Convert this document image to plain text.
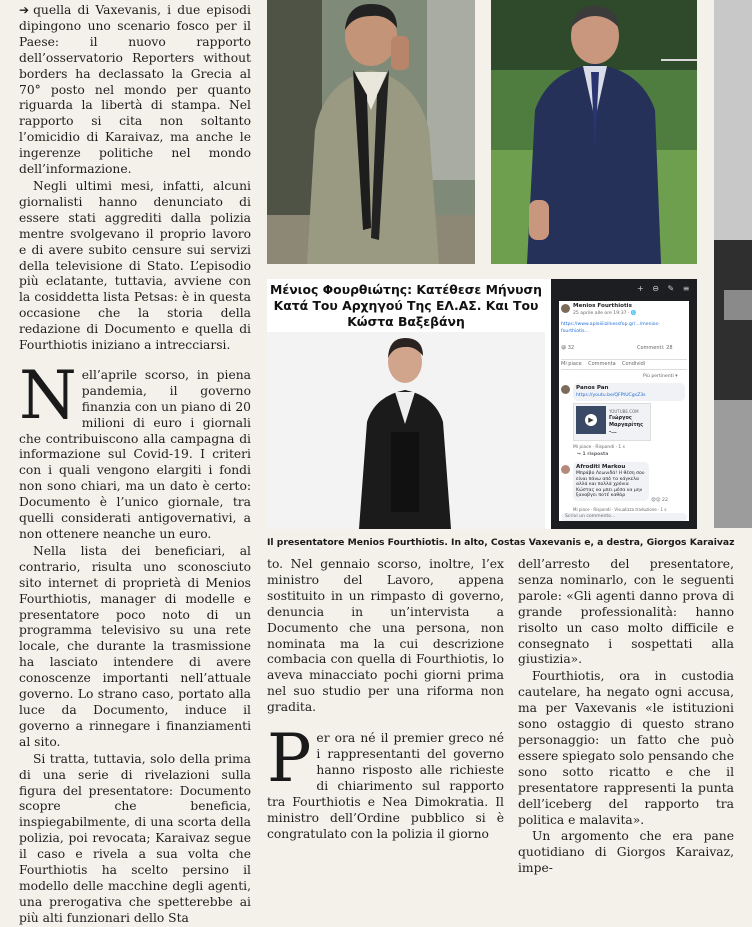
➔ quella di Vaxevanis, i due episodi dipingono uno scenario fosco per il Paese: il nuovo rapporto dell’osservatorio Reporters without borders ha declassato la Grecia al 70° posto nel mondo per quanto riguarda la libertà di stampa. Nel rapporto si cita non soltanto l’omicidio di Karaivaz, ma anche le ingerenze politiche nel mondo dell’informazione.

Negli ultimi mesi, infatti, alcuni giornalisti hanno denunciato di essere stati aggrediti dalla polizia mentre svolgevano il proprio lavoro e di avere subito censure sui servizi della televisione di Stato. L’episodio più eclatante, tuttavia, avviene con la cosiddetta lista Petsas: è in questa occasione che la storia della redazione di Documento e quella di Fourthiotis iniziano a intrecciarsi.

N ell’aprile scorso, in piena pandemia, il governo finanzia con un piano di 20 milioni di euro i giornali che contribuiscono alla campagna di informazione sul Covid-19. I criteri con i quali vengono elargiti i fondi non sono chiari, ma un dato è certo: Documento è l’unico giornale, tra quelli considerati antigovernativi, a non ottenere neanche un euro.

Nella lista dei beneficiari, al contrario, risulta uno sconosciuto sito internet di proprietà di Menios Fourthiotis, manager di modelle e presentatore poco noto di un programma televisivo su una rete locale, che durante la trasmissione ha lasciato intendere di avere conoscenze importanti nell’attuale governo. Lo strano caso, portato alla luce da Documento, induce il governo a rinnegare i finanziamenti al sito.

Si tratta, tuttavia, solo della prima di una serie di rivelazioni sulla figura del presentatore: Documento scopre che beneficia, inspiegabilmente, di una scorta della polizia, poi revocata; Karaivaz segue il caso e rivela a sua volta che Fourthiotis ha scelto persino il modello delle macchine degli agenti, una prerogativa che spetterebbe ai più alti funzionari dello Sta

Μένιος Φουρθιώτης: Κατέθεσε Μήνυση Κατά Του Αρχηγού Της ΕΛ.ΑΣ. Και Του Κώστα Βαξεβάνη
+ ⊖ ✎ ≡
Menios Fourthiotis
25 aprile alle ore 19:37 · 🌐
https://www.aploiiiizilnessfop.gr/.../menios-fourthiotis...
😆 32	Commenti: 28
Mi piace Commenta Condividi
Più pertinenti ▾
Panos Pan
https://youtu.be/QFPtUCgsZ3s
▶
YOUTUBE.COM
Γιώργος Μαργαρίτης -...
Mi piace · Rispondi · 1 s
↪ 1 risposta
Afroditi Markou
Μπράβο Λεωνιδά! Η θέση σου είναι πάνω από τα κάγκελα αλλά και πολλά χρόνια Κώστας να μπει μέσα να μην ξαναβγει ποτέ καθάρ
😡😮 22
Mi piace · Rispondi · Visualizza traduzione · 1 s
Scrivi un commento...
Il presentatore Menios Fourthiotis. In alto, Costas Vaxevanis e, a destra, Giorgos Karaivaz

to. Nel gennaio scorso, inoltre, l’ex ministro del Lavoro, appena sostituito in un rimpasto di governo, denuncia in un’intervista a Documento che una persona, non nominata ma la cui descrizione combacia con quella di Fourthiotis, lo aveva minacciato pochi giorni prima nel suo studio per una riforma non gradita.

P er ora né il premier greco né i rappresentanti del governo hanno risposto alle richieste di chiarimento sul rapporto tra Fourthiotis e Nea Dimokratia. Il ministro dell’Ordine pubblico si è congratulato con la polizia il giorno

dell’arresto del presentatore, senza nominarlo, con le seguenti parole: «Gli agenti danno prova di grande professionalità: hanno risolto un caso molto difficile e consegnato i sospettati alla giustizia».

Fourthiotis, ora in custodia cautelare, ha negato ogni accusa, ma per Vaxevanis «le istituzioni sono ostaggio di questo strano personaggio: un fatto che può essere spiegato solo pensando che sono sotto ricatto e che il presentatore rappresenti la punta dell’iceberg del rapporto tra politica e malavita».

Un argomento che era pane quotidiano di Giorgos Karaivaz, impe-
